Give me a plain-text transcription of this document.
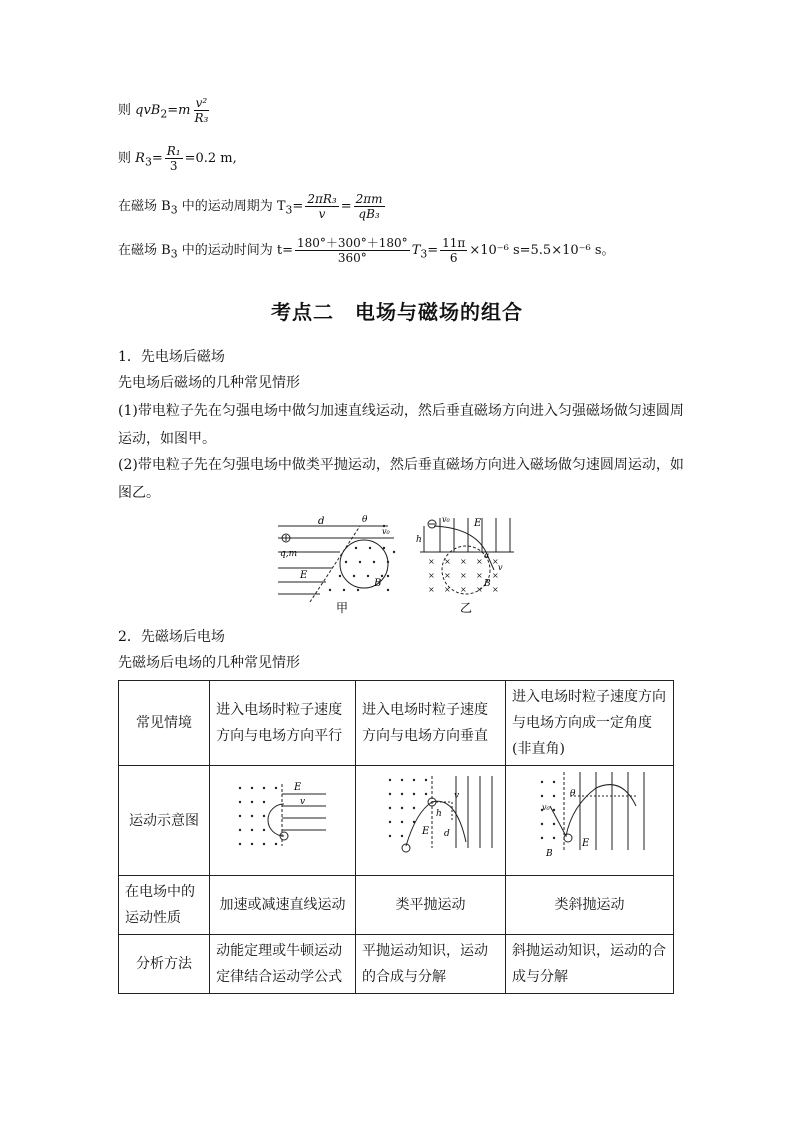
则 $qvB_2=m \frac{\text{v²}}{\text{R₃}}$
则 $R_3= \frac{\text{R₁}}{3} =0.2$ m,
在磁场 $B_3$ 中的运动周期为 $T_3= \frac{\text{2πR₃}}{v} = \frac{2\pi m}{\text{qB₃}}$
在磁场 $B_3$ 中的运动时间为 $t= \frac{180^\circ+300^\circ+180^\circ}{360^\circ} T_3= \frac{11\pi}{6} \times 10^{-6}$ s=5.5×10⁻⁶ s。
考点二　电场与磁场的组合
1．先电场后磁场
先电场后磁场的几种常见情形
(1)带电粒子先在匀强电场中做匀加速直线运动，然后垂直磁场方向进入匀强磁场做匀速圆周
运动，如图甲。
(2)带电粒子先在匀强电场中做类平抛运动，然后垂直磁场方向进入磁场做匀速圆周运动，如
图乙。
d	θ
v₀
q,m
E
B
甲
× × × × ×
× × × × ×
× × × × ×
v₀ E
h
α
v
B
乙
2．先磁场后电场
先磁场后电场的几种常见情形
常见情境	进入电场时粒子速度方向与电场方向平行	进入电场时粒子速度方向与电场方向垂直	进入电场时粒子速度方向与电场方向成一定角度(非直角)
运动示意图	E
v	v
h
E d	v₀
θ
E
B

在电场中的运动性质	加速或减速直线运动	类平抛运动	类斜抛运动
分析方法	动能定理或牛顿运动定律结合运动学公式	平抛运动知识，运动的合成与分解	斜抛运动知识，运动的合成与分解
